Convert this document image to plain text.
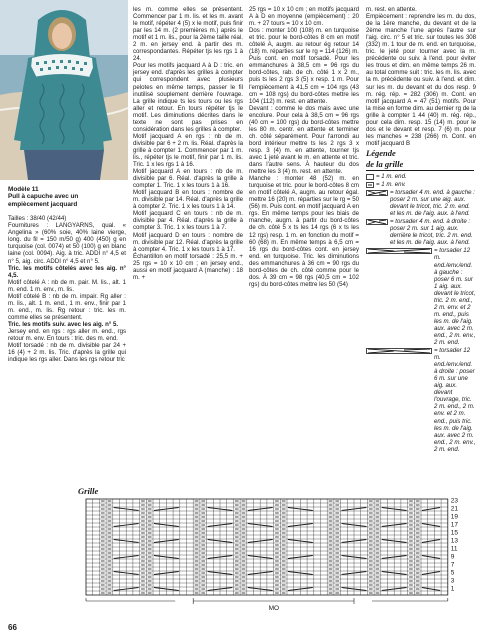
Modèle 11
Pull à capuche avec un
empiècement jacquard
Tailles : 38/40 (42/44)
Fournitures : LANGYARNS, qual. « Angelina » (60% soie, 40% laine vierge, long. du fil = 150 m/50 g) 400 (450) g en turquoise (col. 0074) et 50 (100) g en blanc laine (col. 0094). Aig. à tric. ADDI n° 4,5 et n° 5, aig. circ. ADDI n° 4,5 et n° 5.
Tric. les motifs côtelés avec les aig. n° 4,5.
Motif côtelé A : nb de m. pair. M. lis., alt. 1 m. end. 1 m. env., m. lis.
Motif côtelé B : nb de m. impair. Rg aller : m. lis., alt. 1 m. end., 1 m. env., finir par 1 m. end., m. lis. Rg retour : tric. les m. comme elles se présentent.
Tric. les motifs suiv. avec les aig. n° 5.
Jersey end. en rgs : rgs aller m. end., rgs retour m. env. En tours : tric. des m. end.
Motif torsadé : nb de m. divisible par 24 + 16 (4) + 2 m. lis. Tric. d'après la grille qui indique les rgs aller. Dans les rgs retour tric
les m. comme elles se présentent. Commencer par 1 m. lis. et les m. avant le motif, répéter 4 (5) x le motif, puis finir par les 14 m. (2 premières m.) après le motif et 1 m. lis., pour la 2ème taille réal. 2 m. en jersey end. à partir des m. correspondantes. Répéter tjs les rgs 1 à 24.
Pour les motifs jacquard A à D : tric. en jersey end. d'après les grilles à compter qui correspondent avec plusieurs pelotes en même temps, passer le fil inutilisé souplement derrière l'ouvrage. La grille indique ts les tours ou les rgs aller et retour. En tours répéter tjs le motif. Les diminutions décrites dans le texte ne sont pas prises en considération dans les grilles à compter.
Motif jacquard A en rgs : nb de m. divisible par 6 + 2 m. lis. Réal. d'après la grille à compter 1. Commencer par 1 m. lis., répéter tjs le motif, finir par 1 m. lis. Tric. 1 x les rgs 1 à 16.
Motif jacquard A en tours : nb de m. divisible par 6. Réal. d'après la grille à compter 1. Tric. 1 x les tours 1 à 16.
Motif jacquard B en tours : nombre de m. divisible par 14. Réal. d'après la grille à compter 2. Tric. 1 x les tours 1 à 14.
Motif jacquard C en tours : nb de m. divisible par 4. Réal. d'après la grille à compter 3. Tric. 1 x les tours 1 à 7.
Motif jacquard D en tours : nombre de m. divisible par 12. Réal. d'après la grille à compter 4. Tric. 1 x les tours 1 à 17.
Échantillon en motif torsadé : 25,5 m. + 25 rgs = 10 x 10 cm ; en jersey end., aussi en motif jacquard A (manche) : 18 m. +
25 rgs = 10 x 10 cm ; en motifs jacquard A à D en moyenne (empiècement) : 20 m. + 27 tours = 10 x 10 cm.
Dos : monter 100 (108) m. en turquoise et tric. pour le bord-côtes 8 cm en motif côtelé A, augm. au retour ég retour 14 (18) m. réparties sur le rg = 114 (126) m. Puis cont. en motif torsadé. Pour les emmanchures à 38,5 cm = 96 rgs du bord-côtes, rab. de ch. côté 1 x 2 m., puis ts les 2 rgs 3 (5) x resp. 1 m. Pour l'empiècement à 41,5 cm = 104 rgs (43 cm = 108 rgs) du bord-côtes mettre les 104 (112) m. rest. en attente.
Devant : comme le dos mais avec une encolure. Pour cela à 38,5 cm = 96 rgs (40 cm = 100 rgs) du bord-côtes mettre les 80 m. centr. en attente et terminer ch. côté séparément. Pour l'arrondi au bord intérieur mettre ts les 2 rgs 3 x resp. 3 (4) m. en attente, tourner tjs avec 1 jeté avant le m. en attente et tric. dans l'autre sens. À hauteur du dos mettre les 3 (4) m. rest. en attente.
Manche : monter 48 (52) m. en turquoise et tric. pour le bord-côtes 8 cm en motif côtelé A, augm. au retour égal. mettre 16 (20) m. réparties sur le rg = 50 (56) m. Puis cont. en motif jacquard A en rgs. En même temps pour les biais de manche, augm. à partir du bord-côtes de ch. côté 5 x ts les 14 rgs (6 x ts les 12 rgs) resp. 1 m. en fonction du motif = 60 (68) m. En même temps à 6,5 cm = 16 rgs du bord-côtes cont. en jersey end. en turquoise. Tric. les diminutions des emmanchures à 36 cm = 90 rgs du bord-côtes de ch. côté comme pour le dos. À 39 cm = 98 rgs (40,5 cm = 102 rgs) du bord-côtes mettre les 50 (54)
m. rest. en attente.
Empiècement : reprendre les m. du dos, de la 1ère manche, du devant et de la 2ème manche l'une après l'autre sur l'aig. circ. n° 5 et tric. sur toutes les 308 (332) m. 1 tour de m. end. en turquoise, tric. le jeté pour tourner avec la m. précédente ou suiv. à l'end. pour éviter les trous et dim. en même temps 26 m. au total comme suit : tric. les m. lis. avec la m. précédente ou suiv. à l'end. et dim. sur les m. du devant et du dos resp. 9 m. rég. rép. = 282 (306) m. Cont. en motif jacquard A = 47 (51) motifs. Pour la mise en forme dim. au dernier rg de la grille à compter 1 44 (40) m. rég. rép., pour cela dim. resp. 15 (14) m. pour le dos et le devant et resp. 7 (6) m. pour les manches = 238 (266) m. Cont. en motif jacquard B
Légende
de la grille
= 1 m. end.
= 1 m. env.
= torsader 4 m. end. à gauche : poser 2 m. sur une aig. aux. devant le tricot, tric. 2 m. end. et les m. de l'aig. aux. à l'end.
= torsader 4 m. end. à droite : poser 2 m. sur 1 aig. aux. derrière le tricot, tric. 2 m. end. et les m. de l'aig. aux. à l'end.
= torsader 12 m. end./env./end. à gauche : poser 6 m. sur 1 aig. aux. devant le tricot, tric. 2 m. end., 2 m. env. et 2 m. end., puis les m. de l'aig. aux. avec 2 m. end., 2 m. env., 2 m. end.
= torsader 12 m. end./env./end. à droite : poser 6 m. sur une aig. aux. devant l'ouvrage, tric. 2 m. end., 2 m. env. et 2 m. end., puis tric. les m. de l'aig. aux. avec 2 m. end., 2 m. env., 2 m. end.
Grille
23
21
19
17
15
13
11
9
7
5
3
1
MO
66
